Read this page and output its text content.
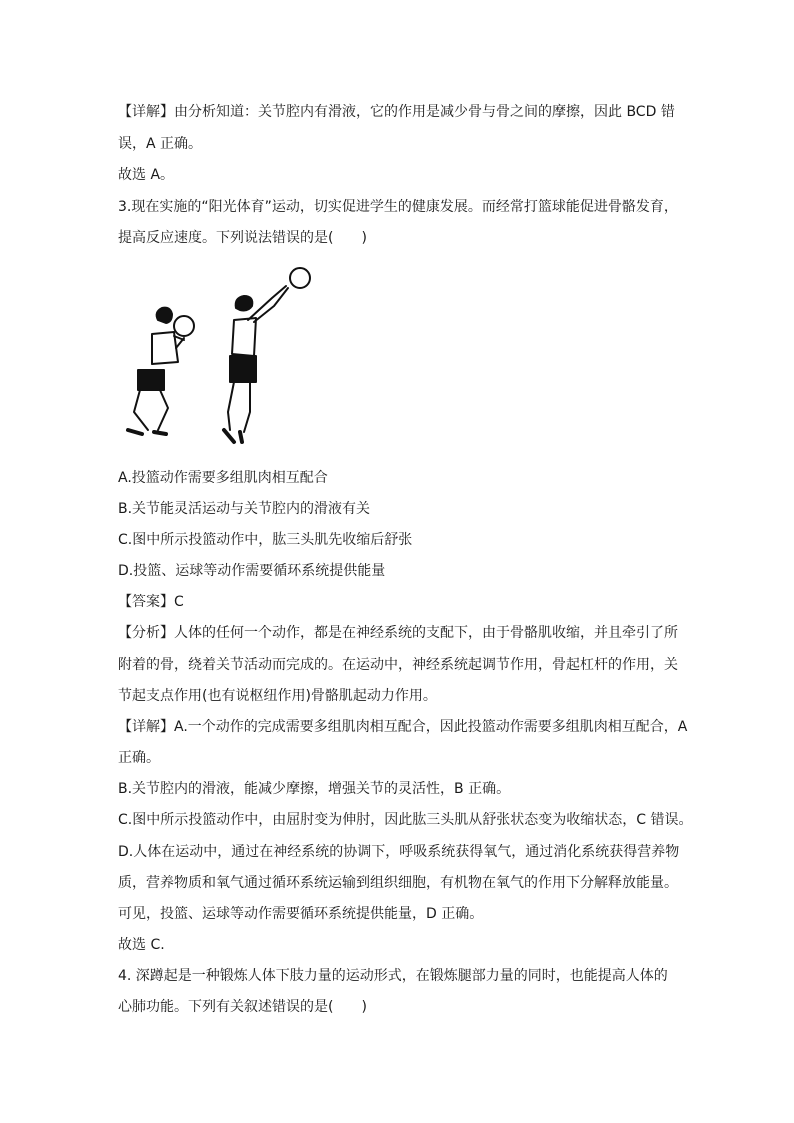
【详解】由分析知道：关节腔内有滑液，它的作用是减少骨与骨之间的摩擦，因此 BCD 错
误，A 正确。
故选 A。
3.现在实施的“阳光体育”运动，切实促进学生的健康发展。而经常打篮球能促进骨骼发育，
提高反应速度。下列说法错误的是(　　)
A.投篮动作需要多组肌肉相互配合
B.关节能灵活运动与关节腔内的滑液有关
C.图中所示投篮动作中，肱三头肌先收缩后舒张
D.投篮、运球等动作需要循环系统提供能量
【答案】C
【分析】人体的任何一个动作，都是在神经系统的支配下，由于骨骼肌收缩，并且牵引了所
附着的骨，绕着关节活动而完成的。在运动中，神经系统起调节作用，骨起杠杆的作用，关
节起支点作用(也有说枢纽作用)骨骼肌起动力作用。
【详解】A.一个动作的完成需要多组肌肉相互配合，因此投篮动作需要多组肌肉相互配合，A
正确。
B.关节腔内的滑液，能减少摩擦，增强关节的灵活性，B 正确。
C.图中所示投篮动作中，由屈肘变为伸肘，因此肱三头肌从舒张状态变为收缩状态，C 错误。
D.人体在运动中，通过在神经系统的协调下，呼吸系统获得氧气，通过消化系统获得营养物
质，营养物质和氧气通过循环系统运输到组织细胞，有机物在氧气的作用下分解释放能量。
可见，投篮、运球等动作需要循环系统提供能量，D 正确。
故选 C.
4. 深蹲起是一种锻炼人体下肢力量的运动形式，在锻炼腿部力量的同时，也能提高人体的
心肺功能。下列有关叙述错误的是(　　)
